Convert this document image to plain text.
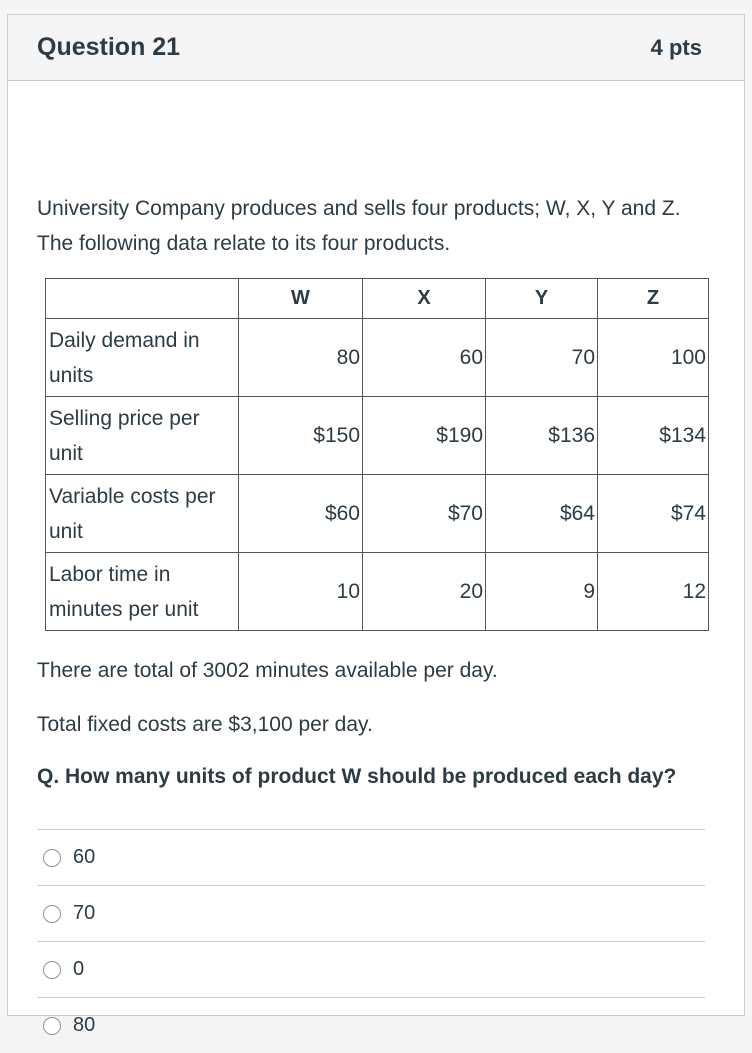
Question 21	4 pts

University Company produces and sells four products; W, X, Y and Z. The following data relate to its four products.

	W	X	Y	Z
Daily demand in units	80	60	70	100
Selling price per unit	$150	$190	$136	$134
Variable costs per unit	$60	$70	$64	$74
Labor time in minutes per unit	10	20	9	12

There are total of 3002 minutes available per day.

Total fixed costs are $3,100 per day.

Q. How many units of product W should be produced each day?

60
70
0
80
